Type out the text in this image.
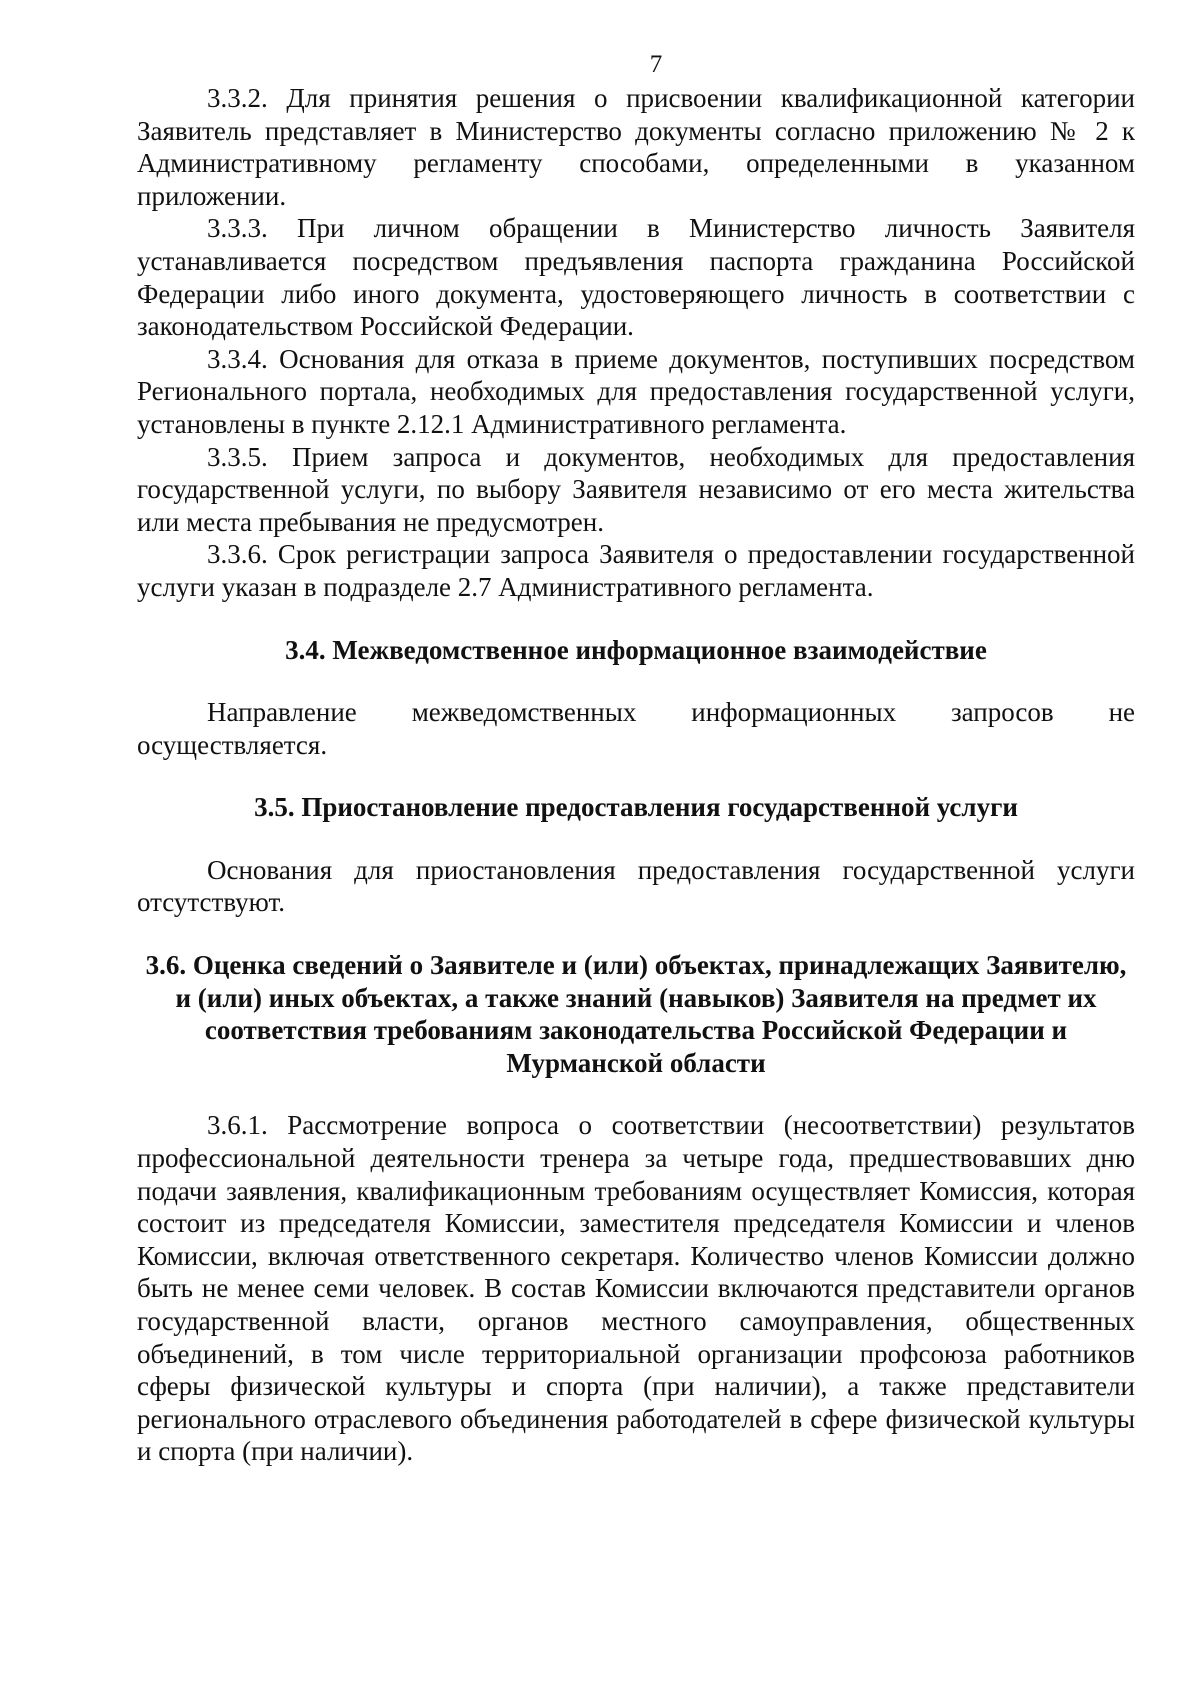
7

3.3.2. Для принятия решения о присвоении квалификационной категории Заявитель представляет в Министерство документы согласно приложению № 2 к Административному регламенту способами, определенными в указанном приложении.

3.3.3. При личном обращении в Министерство личность Заявителя устанавливается посредством предъявления паспорта гражданина Российской Федерации либо иного документа, удостоверяющего личность в соответствии с законодательством Российской Федерации.

3.3.4. Основания для отказа в приеме документов, поступивших посредством Регионального портала, необходимых для предоставления государственной услуги, установлены в пункте 2.12.1 Административного регламента.

3.3.5. Прием запроса и документов, необходимых для предоставления государственной услуги, по выбору Заявителя независимо от его места жительства или места пребывания не предусмотрен.

3.3.6. Срок регистрации запроса Заявителя о предоставлении государственной услуги указан в подразделе 2.7 Административного регламента.

3.4. Межведомственное информационное взаимодействие

Направление межведомственных информационных запросов не осуществляется.

3.5. Приостановление предоставления государственной услуги

Основания для приостановления предоставления государственной услуги отсутствуют.

3.6. Оценка сведений о Заявителе и (или) объектах, принадлежащих Заявителю, и (или) иных объектах, а также знаний (навыков) Заявителя на предмет их соответствия требованиям законодательства Российской Федерации и Мурманской области

3.6.1. Рассмотрение вопроса о соответствии (несоответствии) результатов профессиональной деятельности тренера за четыре года, предшествовавших дню подачи заявления, квалификационным требованиям осуществляет Комиссия, которая состоит из председателя Комиссии, заместителя председателя Комиссии и членов Комиссии, включая ответственного секретаря. Количество членов Комиссии должно быть не менее семи человек. В состав Комиссии включаются представители органов государственной власти, органов местного самоуправления, общественных объединений, в том числе территориальной организации профсоюза работников сферы физической культуры и спорта (при наличии), а также представители регионального отраслевого объединения работодателей в сфере физической культуры и спорта (при наличии).
